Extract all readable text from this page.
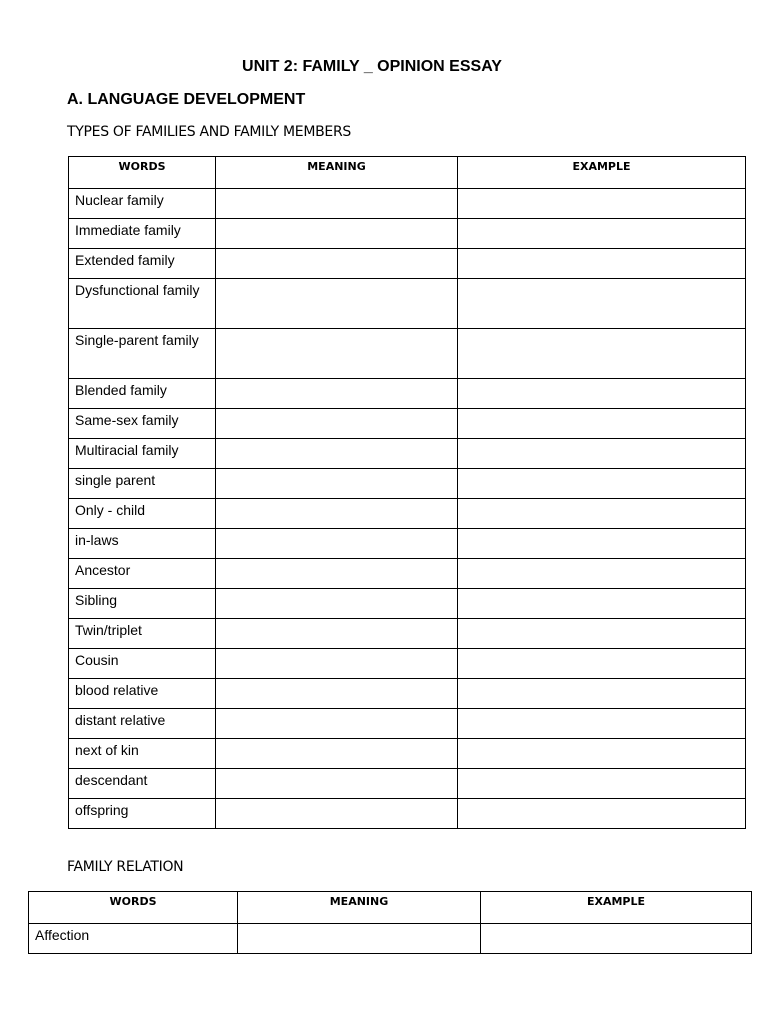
UNIT 2: FAMILY _ OPINION ESSAY
A. LANGUAGE DEVELOPMENT
TYPES OF FAMILIES AND FAMILY MEMBERS
WORDS	MEANING	EXAMPLE
Nuclear family		
Immediate family		
Extended family		
Dysfunctional family		
Single-parent family		
Blended family		
Same-sex family		
Multiracial family		
single parent		
Only - child		
in-laws		
Ancestor		
Sibling		
Twin/triplet		
Cousin		
blood relative		
distant relative		
next of kin		
descendant		
offspring		
FAMILY RELATION
WORDS	MEANING	EXAMPLE
Affection		
